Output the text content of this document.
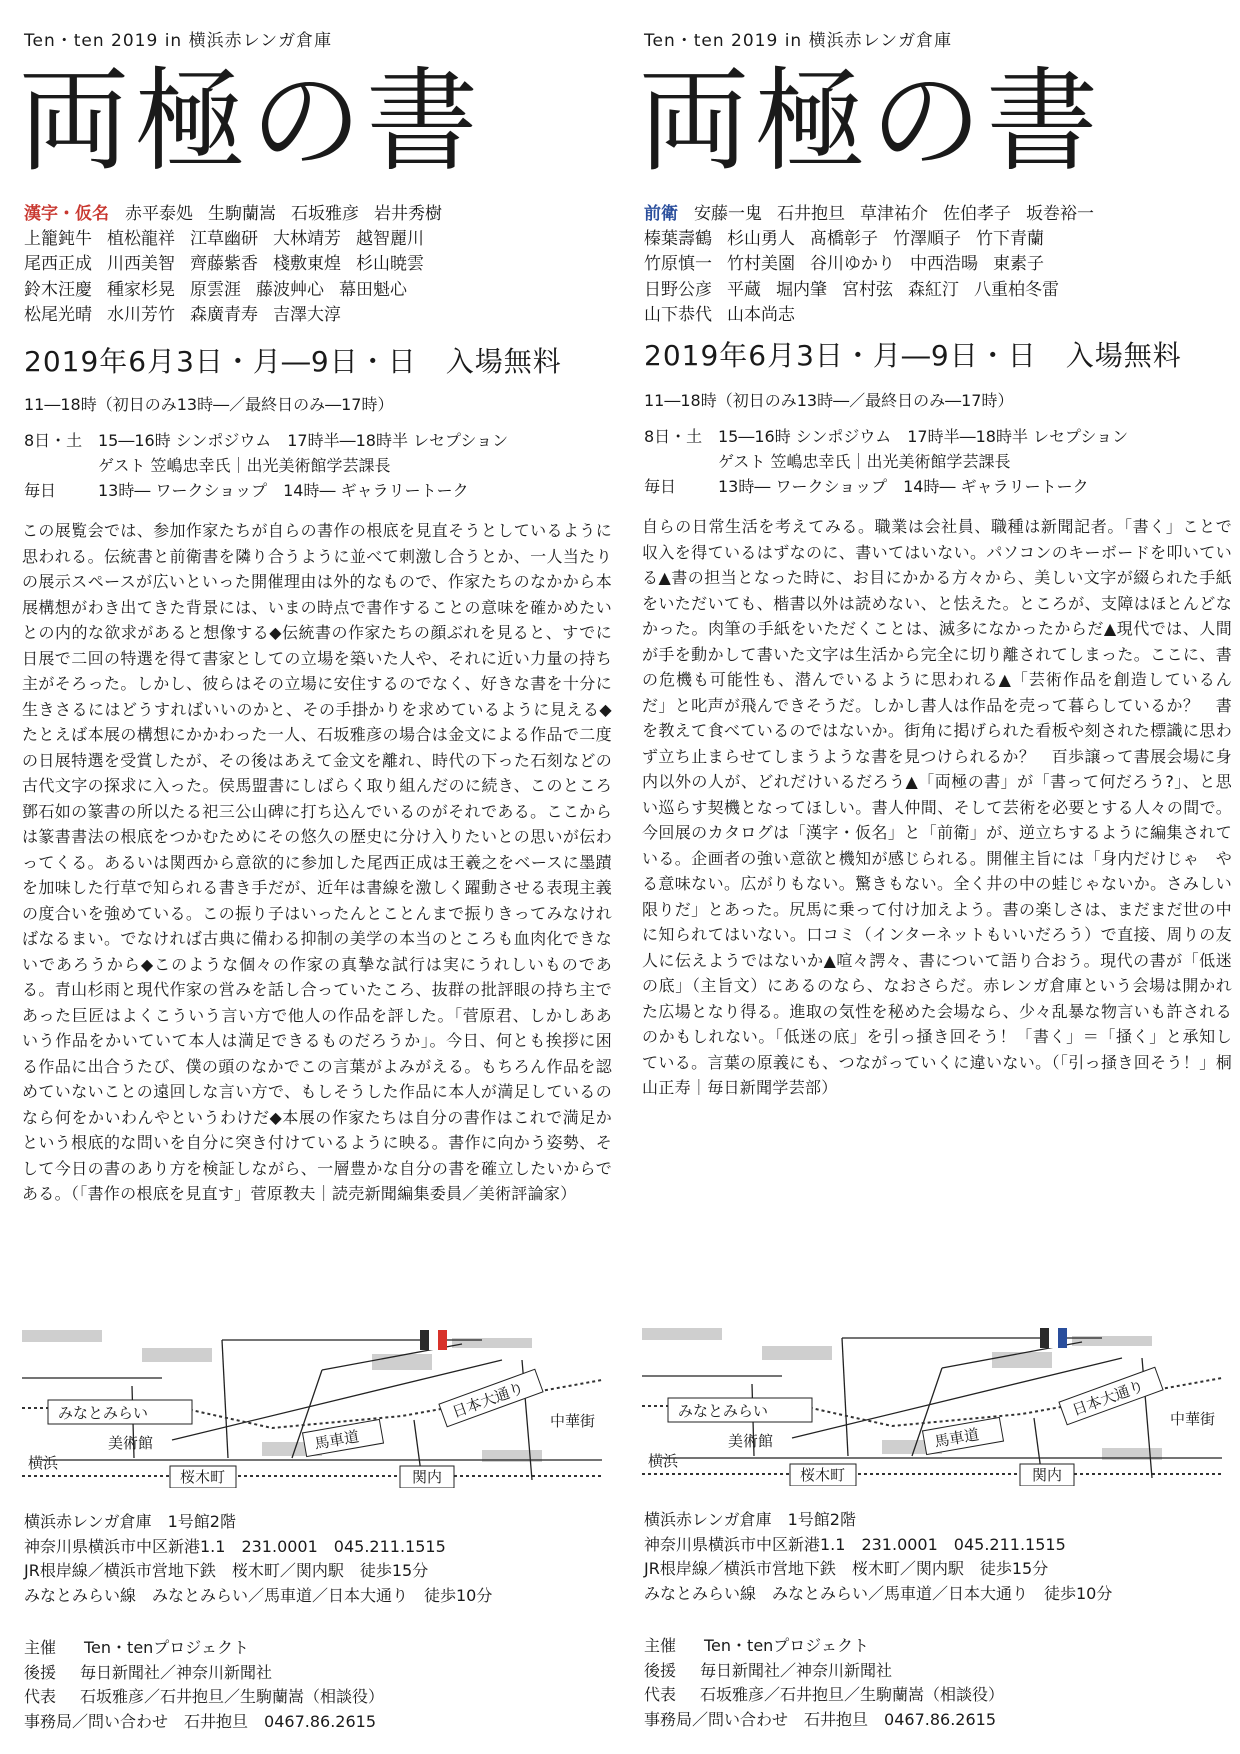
Ten・ten 2019 in 横浜赤レンガ倉庫
両極の書
漢字・仮名 赤平泰処 生駒蘭嵩 石坂雅彦 岩井秀樹
上籠鈍牛 植松龍祥 江草幽研 大林靖芳 越智麗川
尾西正成 川西美智 齊藤紫香 棧敷東煌 杉山暁雲
鈴木汪慶 種家杉晃 原雲涯 藤波艸心 幕田魁心
松尾光晴 水川芳竹 森廣青寿 吉澤大淳
2019年6月3日・月―9日・日　入場無料
11―18時（初日のみ13時―／最終日のみ―17時）
8日・土 15―16時 シンポジウム　17時半―18時半 レセプション
ゲスト 笠嶋忠幸氏｜出光美術館学芸課長
毎日	13時― ワークショップ　14時― ギャラリートーク

この展覧会では、参加作家たちが自らの書作の根底を見直そうとしているように思われる。伝統書と前衛書を隣り合うように並べて刺激し合うとか、一人当たりの展示スペースが広いといった開催理由は外的なもので、作家たちのなかから本展構想がわき出てきた背景には、いまの時点で書作することの意味を確かめたいとの内的な欲求があると想像する◆伝統書の作家たちの顔ぶれを見ると、すでに日展で二回の特選を得て書家としての立場を築いた人や、それに近い力量の持ち主がそろった。しかし、彼らはその立場に安住するのでなく、好きな書を十分に生きさるにはどうすればいいのかと、その手掛かりを求めているように見える◆たとえば本展の構想にかかわった一人、石坂雅彦の場合は金文による作品で二度の日展特選を受賞したが、その後はあえて金文を離れ、時代の下った石刻などの古代文字の探求に入った。侯馬盟書にしばらく取り組んだのに続き、このところ鄧石如の篆書の所以たる祀三公山碑に打ち込んでいるのがそれである。ここからは篆書書法の根底をつかむためにその悠久の歴史に分け入りたいとの思いが伝わってくる。あるいは関西から意欲的に参加した尾西正成は王羲之をベースに墨蹟を加味した行草で知られる書き手だが、近年は書線を激しく躍動させる表現主義の度合いを強めている。この振り子はいったんとことんまで振りきってみなければなるまい。でなければ古典に備わる抑制の美学の本当のところも血肉化できないであろうから◆このような個々の作家の真摯な試行は実にうれしいものである。青山杉雨と現代作家の営みを話し合っていたころ、抜群の批評眼の持ち主であった巨匠はよくこういう言い方で他人の作品を評した。「菅原君、しかしああいう作品をかいていて本人は満足できるものだろうか」。今日、何とも挨拶に困る作品に出合うたび、僕の頭のなかでこの言葉がよみがえる。もちろん作品を認めていないことの遠回しな言い方で、もしそうした作品に本人が満足しているのなら何をかいわんやというわけだ◆本展の作家たちは自分の書作はこれで満足かという根底的な問いを自分に突き付けているように映る。書作に向かう姿勢、そして今日の書のあり方を検証しながら、一層豊かな自分の書を確立したいからである。（「書作の根底を見直す」菅原教夫｜読売新聞編集委員／美術評論家）

みなとみらい
美術館
横浜
馬車道
日本大通り 中華街
桜木町	関内
横浜赤レンガ倉庫　1号館2階
神奈川県横浜市中区新港1.1　231.0001　045.211.1515
JR根岸線／横浜市営地下鉄　桜木町／関内駅　徒歩15分
みなとみらい線　みなとみらい／馬車道／日本大通り　徒歩10分
主催 Ten・tenプロジェクト
後援 毎日新聞社／神奈川新聞社
代表 石坂雅彦／石井抱旦／生駒蘭嵩（相談役）
事務局／問い合わせ　 石井抱旦　0467.86.2615
Ten・ten 2019 in 横浜赤レンガ倉庫
両極の書
前衛 安藤一鬼 石井抱旦 草津祐介 佐伯孝子 坂巻裕一
榛葉壽鶴 杉山勇人 髙橋彰子 竹澤順子 竹下青蘭
竹原慎一 竹村美園 谷川ゆかり 中西浩暘 東素子
日野公彦 平蔵 堀内肇 宮村弦 森紅汀 八重柏冬雷
山下恭代 山本尚志
2019年6月3日・月―9日・日　入場無料
11―18時（初日のみ13時―／最終日のみ―17時）
8日・土 15―16時 シンポジウム　17時半―18時半 レセプション
ゲスト 笠嶋忠幸氏｜出光美術館学芸課長
毎日	13時― ワークショップ　14時― ギャラリートーク

自らの日常生活を考えてみる。職業は会社員、職種は新聞記者。「書く」ことで収入を得ているはずなのに、書いてはいない。パソコンのキーボードを叩いている▲書の担当となった時に、お目にかかる方々から、美しい文字が綴られた手紙をいただいても、楷書以外は読めない、と怯えた。ところが、支障はほとんどなかった。肉筆の手紙をいただくことは、滅多になかったからだ▲現代では、人間が手を動かして書いた文字は生活から完全に切り離されてしまった。ここに、書の危機も可能性も、潜んでいるように思われる▲「芸術作品を創造しているんだ」と叱声が飛んできそうだ。しかし書人は作品を売って暮らしているか？　書を教えて食べているのではないか。街角に掲げられた看板や刻された標識に思わず立ち止まらせてしまうような書を見つけられるか？　百歩譲って書展会場に身内以外の人が、どれだけいるだろう▲「両極の書」が「書って何だろう?」、と思い巡らす契機となってほしい。書人仲間、そして芸術を必要とする人々の間で。今回展のカタログは「漢字・仮名」と「前衛」が、逆立ちするように編集されている。企画者の強い意欲と機知が感じられる。開催主旨には「身内だけじゃ　やる意味ない。広がりもない。驚きもない。全く井の中の蛙じゃないか。さみしい限りだ」とあった。尻馬に乗って付け加えよう。書の楽しさは、まだまだ世の中に知られてはいない。口コミ（インターネットもいいだろう）で直接、周りの友人に伝えようではないか▲喧々諤々、書について語り合おう。現代の書が「低迷の底」（主旨文）にあるのなら、なおさらだ。赤レンガ倉庫という会場は開かれた広場となり得る。進取の気性を秘めた会場なら、少々乱暴な物言いも許されるのかもしれない。「低迷の底」を引っ掻き回そう！「書く」＝「掻く」と承知している。言葉の原義にも、つながっていくに違いない。（「引っ掻き回そう！」桐山正寿｜毎日新聞学芸部）

みなとみらい
美術館
横浜
馬車道
日本大通り 中華街
桜木町	関内
横浜赤レンガ倉庫　1号館2階
神奈川県横浜市中区新港1.1　231.0001　045.211.1515
JR根岸線／横浜市営地下鉄　桜木町／関内駅　徒歩15分
みなとみらい線　みなとみらい／馬車道／日本大通り　徒歩10分
主催 Ten・tenプロジェクト
後援 毎日新聞社／神奈川新聞社
代表 石坂雅彦／石井抱旦／生駒蘭嵩（相談役）
事務局／問い合わせ　 石井抱旦　0467.86.2615
